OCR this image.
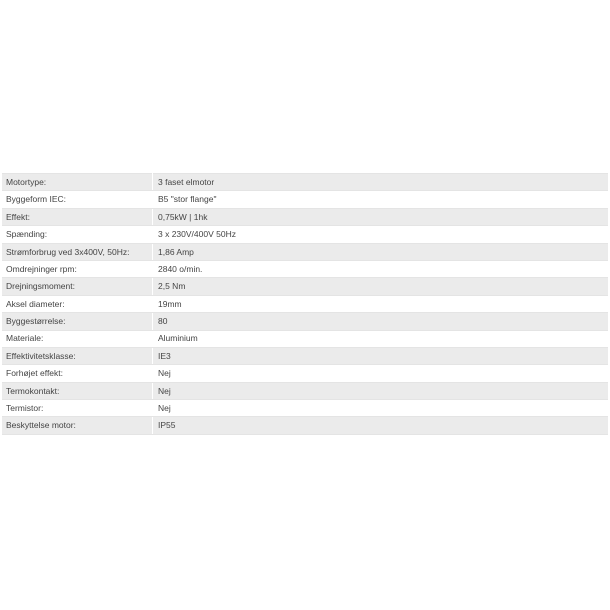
Motortype:	3 faset elmotor
Byggeform IEC:	B5 "stor flange"
Effekt:	0,75kW | 1hk
Spænding:	3 x 230V/400V 50Hz
Strømforbrug ved 3x400V, 50Hz:	1,86 Amp
Omdrejninger rpm:	2840 o/min.
Drejningsmoment:	2,5 Nm
Aksel diameter:	19mm
Byggestørrelse:	80
Materiale:	Aluminium
Effektivitetsklasse:	IE3
Forhøjet effekt:	Nej
Termokontakt:	Nej
Termistor:	Nej
Beskyttelse motor:	IP55
